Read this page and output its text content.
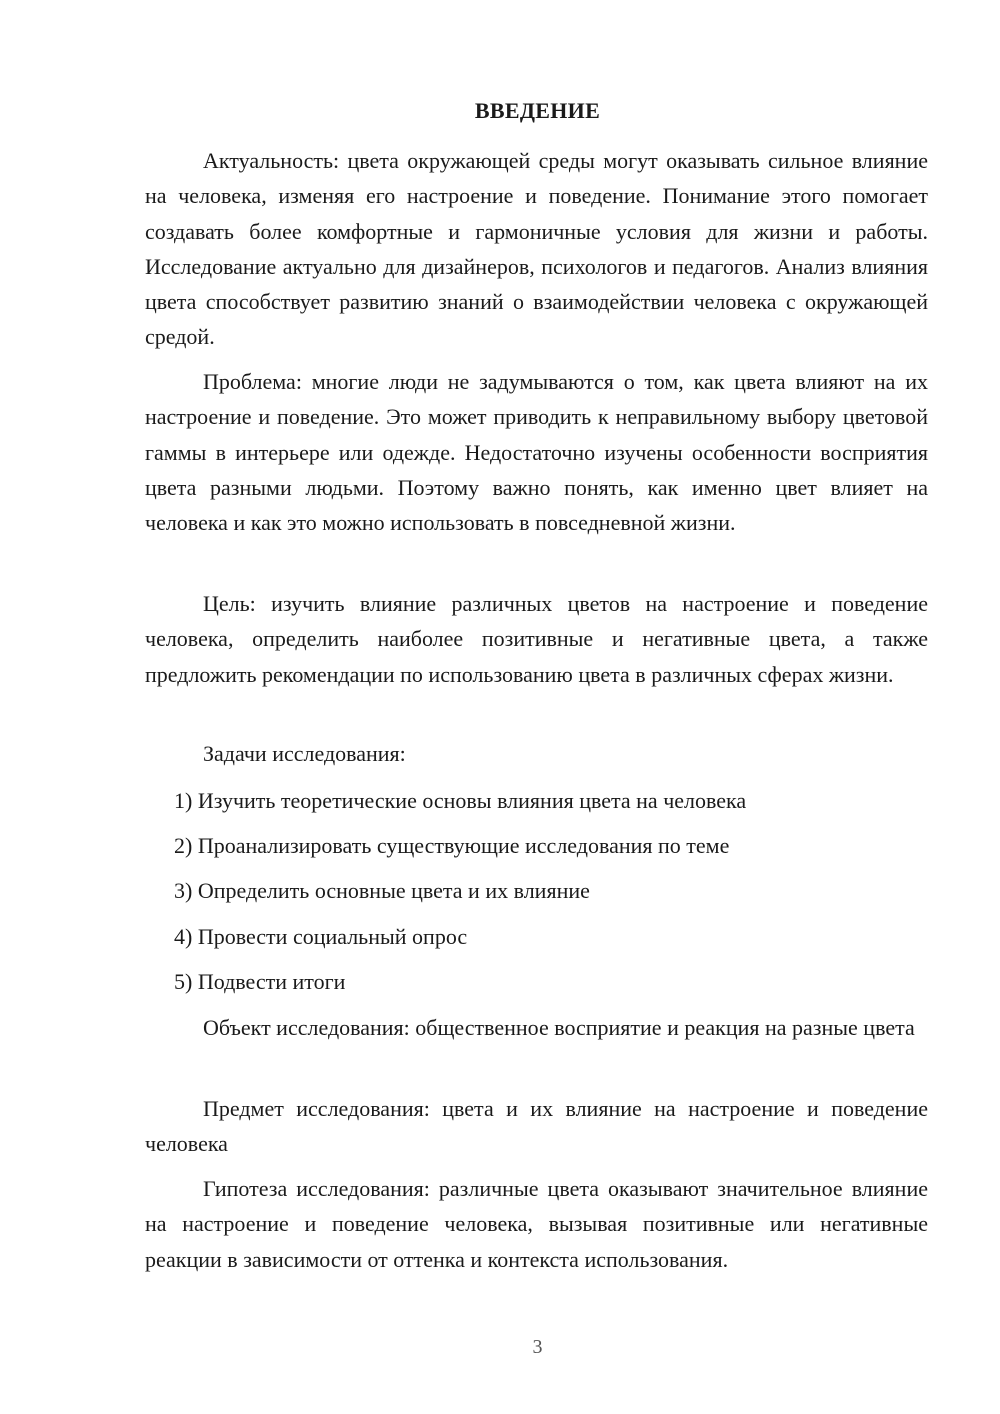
ВВЕДЕНИЕ

Актуальность: цвета окружающей среды могут оказывать сильное влияние на человека, изменяя его настроение и поведение. Понимание этого помогает создавать более комфортные и гармоничные условия для жизни и работы. Исследование актуально для дизайнеров, психологов и педагогов. Анализ влияния цвета способствует развитию знаний о взаимодействии человека с окружающей средой.

Проблема: многие люди не задумываются о том, как цвета влияют на их настроение и поведение. Это может приводить к неправильному выбору цветовой гаммы в интерьере или одежде. Недостаточно изучены особенности восприятия цвета разными людьми. Поэтому важно понять, как именно цвет влияет на человека и как это можно использовать в повседневной жизни.

Цель: изучить влияние различных цветов на настроение и поведение человека, определить наиболее позитивные и негативные цвета, а также предложить рекомендации по использованию цвета в различных сферах жизни.

Задачи исследования:

1) Изучить теоретические основы влияния цвета на человека
2) Проанализировать существующие исследования по теме
3) Определить основные цвета и их влияние
4) Провести социальный опрос
5) Подвести итоги

Объект исследования: общественное восприятие и реакция на разные цвета

Предмет исследования: цвета и их влияние на настроение и поведение человека

Гипотеза исследования: различные цвета оказывают значительное влияние на настроение и поведение человека, вызывая позитивные или негативные реакции в зависимости от оттенка и контекста использования.

3
